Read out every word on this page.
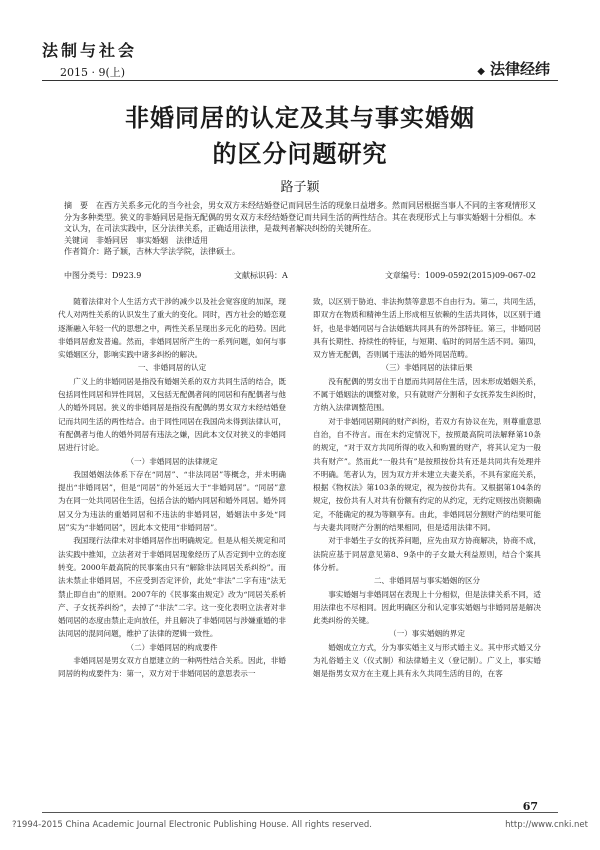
法制与社会
2015 · 9(上)	◆ 法律经纬
非婚同居的认定及其与事实婚姻
的区分问题研究
路子颖

摘　要　在西方关系多元化的当今社会，男女双方未经结婚登记而同居生活的现象日益增多。然而同居根据当事人不同的主客观情形又分为多种类型。狭义的非婚同居是指无配偶的男女双方未经结婚登记而共同生活的两性结合。其在表现形式上与事实婚姻十分相似。本文认为，在司法实践中，区分法律关系，正确适用法律，是裁判者解决纠纷的关键所在。

关键词　非婚同居　事实婚姻　法律适用

作者简介：路子颖，吉林大学法学院，法律硕士。

中图分类号：D923.9	文献标识码：A	文章编号：1009-0592(2015)09-067-02

随着法律对个人生活方式干涉的减少以及社会宽容度的加深，现代人对两性关系的认识发生了重大的变化。同时，西方社会的婚恋观逐渐融入年轻一代的思想之中，两性关系呈现出多元化的趋势。因此非婚同居愈发普遍。然而，非婚同居所产生的一系列问题，如何与事实婚姻区分，影响实践中诸多纠纷的解决。

一、非婚同居的认定

广义上的非婚同居是指没有婚姻关系的双方共同生活的结合，既包括同性同居和异性同居，又包括无配偶者间的同居和有配偶者与他人的婚外同居。狭义的非婚同居是指没有配偶的男女双方未经结婚登记而共同生活的两性结合。由于同性同居在我国尚未得到法律认可，有配偶者与他人的婚外同居有违法之嫌，因此本文仅对狭义的非婚同居进行讨论。

（一）非婚同居的法律规定

我国婚姻法体系下存在“同居”、“非法同居”等概念，并未明确提出“非婚同居”，但是“同居”的外延远大于“非婚同居”。“同居”意为在同一处共同居住生活，包括合法的婚内同居和婚外同居。婚外同居又分为违法的重婚同居和不违法的非婚同居，婚姻法中多处“同居”实为“非婚同居”，因此本文使用“非婚同居”。

我国现行法律未对非婚同居作出明确规定。但是从相关规定和司法实践中推知，立法者对于非婚同居现象经历了从否定到中立的态度转变。2000年最高院的民事案由只有“解除非法同居关系纠纷”。而法未禁止非婚同居，不应受到否定评价，此处“非法”二字有违“法无禁止即自由”的原则。2007年的《民事案由规定》改为“同居关系析产、子女抚养纠纷”，去掉了“非法”二字。这一变化表明立法者对非婚同居的态度由禁止走向放任，并且解决了非婚同居与涉嫌重婚的非法同居的混同问题，维护了法律的逻辑一致性。

（二）非婚同居的构成要件

非婚同居是男女双方自愿建立的一种两性结合关系。因此，非婚同居的构成要件为：第一，双方对于非婚同居的意思表示一

致，以区别于胁迫、非法拘禁等意思不自由行为。第二，共同生活，即双方在物质和精神生活上形成相互依赖的生活共同体，以区别于通奸，也是非婚同居与合法婚姻共同具有的外部特征。第三，非婚同居具有长期性、持续性的特征，与短期、临时的同居生活不同。第四，双方皆无配偶，否则属于违法的婚外同居范畴。

（三）非婚同居的法律后果

没有配偶的男女出于自愿而共同居住生活，因未形成婚姻关系，不属于婚姻法的调整对象，只有就财产分割和子女抚养发生纠纷时，方纳入法律调整范围。

对于非婚同居期间的财产纠纷，若双方有协议在先，则尊重意思自治，自不待言。而在未约定情况下，按照最高院司法解释第10条的规定，“对于双方共同所得的收入和购置的财产，将其认定为一般共有财产”。然而此“一般共有”是按照按份共有还是共同共有处理并不明确。笔者认为，因为双方并未建立夫妻关系，不具有家庭关系，根据《物权法》第103条的规定，视为按份共有。又根据第104条的规定，按份共有人对共有份额有约定的从约定，无约定则按出资额确定，不能确定的视为等额享有。由此，非婚同居分割财产的结果可能与夫妻共同财产分割的结果相同，但是适用法律不同。

对于非婚生子女的抚养问题，应先由双方协商解决，协商不成，法院应基于同居意见第8、9条中的子女最大利益原则，结合个案具体分析。

二、非婚同居与事实婚姻的区分

事实婚姻与非婚同居在表现上十分相似，但是法律关系不同，适用法律也不尽相同。因此明确区分和认定事实婚姻与非婚同居是解决此类纠纷的关键。

（一）事实婚姻的界定

婚姻成立方式，分为事实婚主义与形式婚主义。其中形式婚又分为礼俗婚主义（仪式制）和法律婚主义（登记制）。广义上，事实婚姻是指男女双方在主观上具有永久共同生活的目的，在客

67
?1994-2015 China Academic Journal Electronic Publishing House. All rights reserved.	http://www.cnki.net
